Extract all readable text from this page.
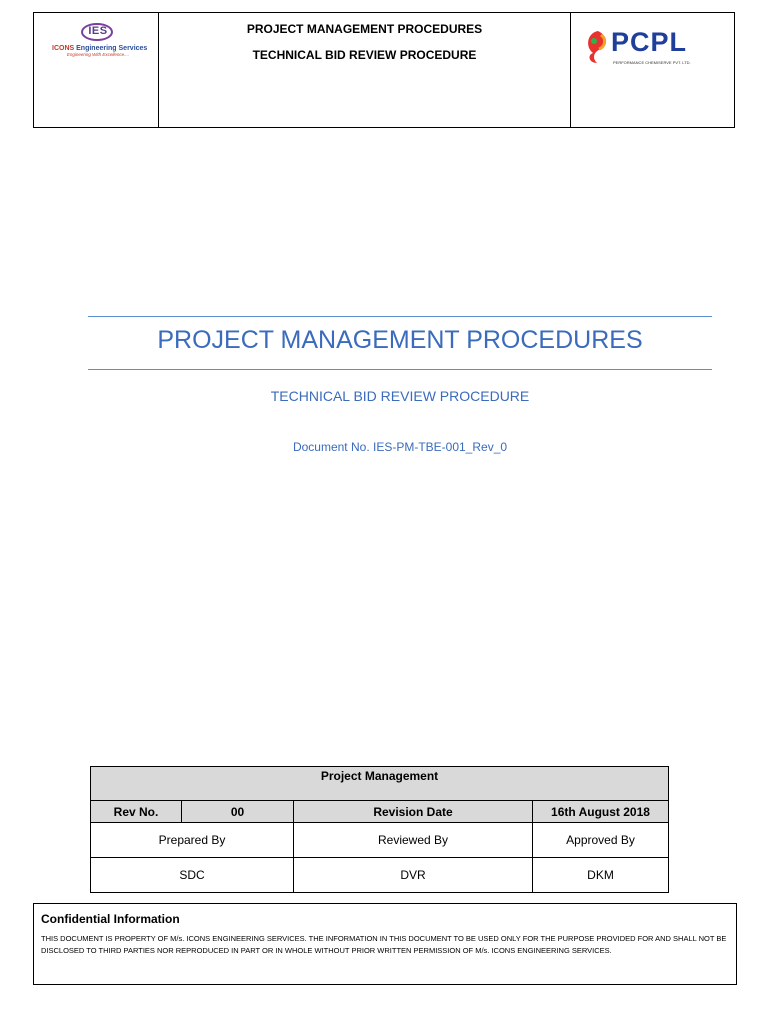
IES
ICONS Engineering Services
Engineering With Excellence....
PROJECT MANAGEMENT PROCEDURES
TECHNICAL BID REVIEW PROCEDURE	PCPL
PERFORMANCE CHEMISERVE PVT. LTD.
PROJECT MANAGEMENT PROCEDURES
TECHNICAL BID REVIEW PROCEDURE
Document No. IES-PM-TBE-001_Rev_0
Project Management			
Rev No.	00	Revision Date	16th August 2018
Prepared By		Reviewed By	Approved By
SDC		DVR	DKM
Confidential Information
THIS DOCUMENT IS PROPERTY OF M/s. ICONS ENGINEERING SERVICES. THE INFORMATION IN THIS DOCUMENT TO BE USED ONLY FOR THE PURPOSE PROVIDED FOR AND SHALL NOT BE DISCLOSED TO THIRD PARTIES NOR REPRODUCED IN PART OR IN WHOLE WITHOUT PRIOR WRITTEN PERMISSION OF M/s. ICONS ENGINEERING SERVICES.
